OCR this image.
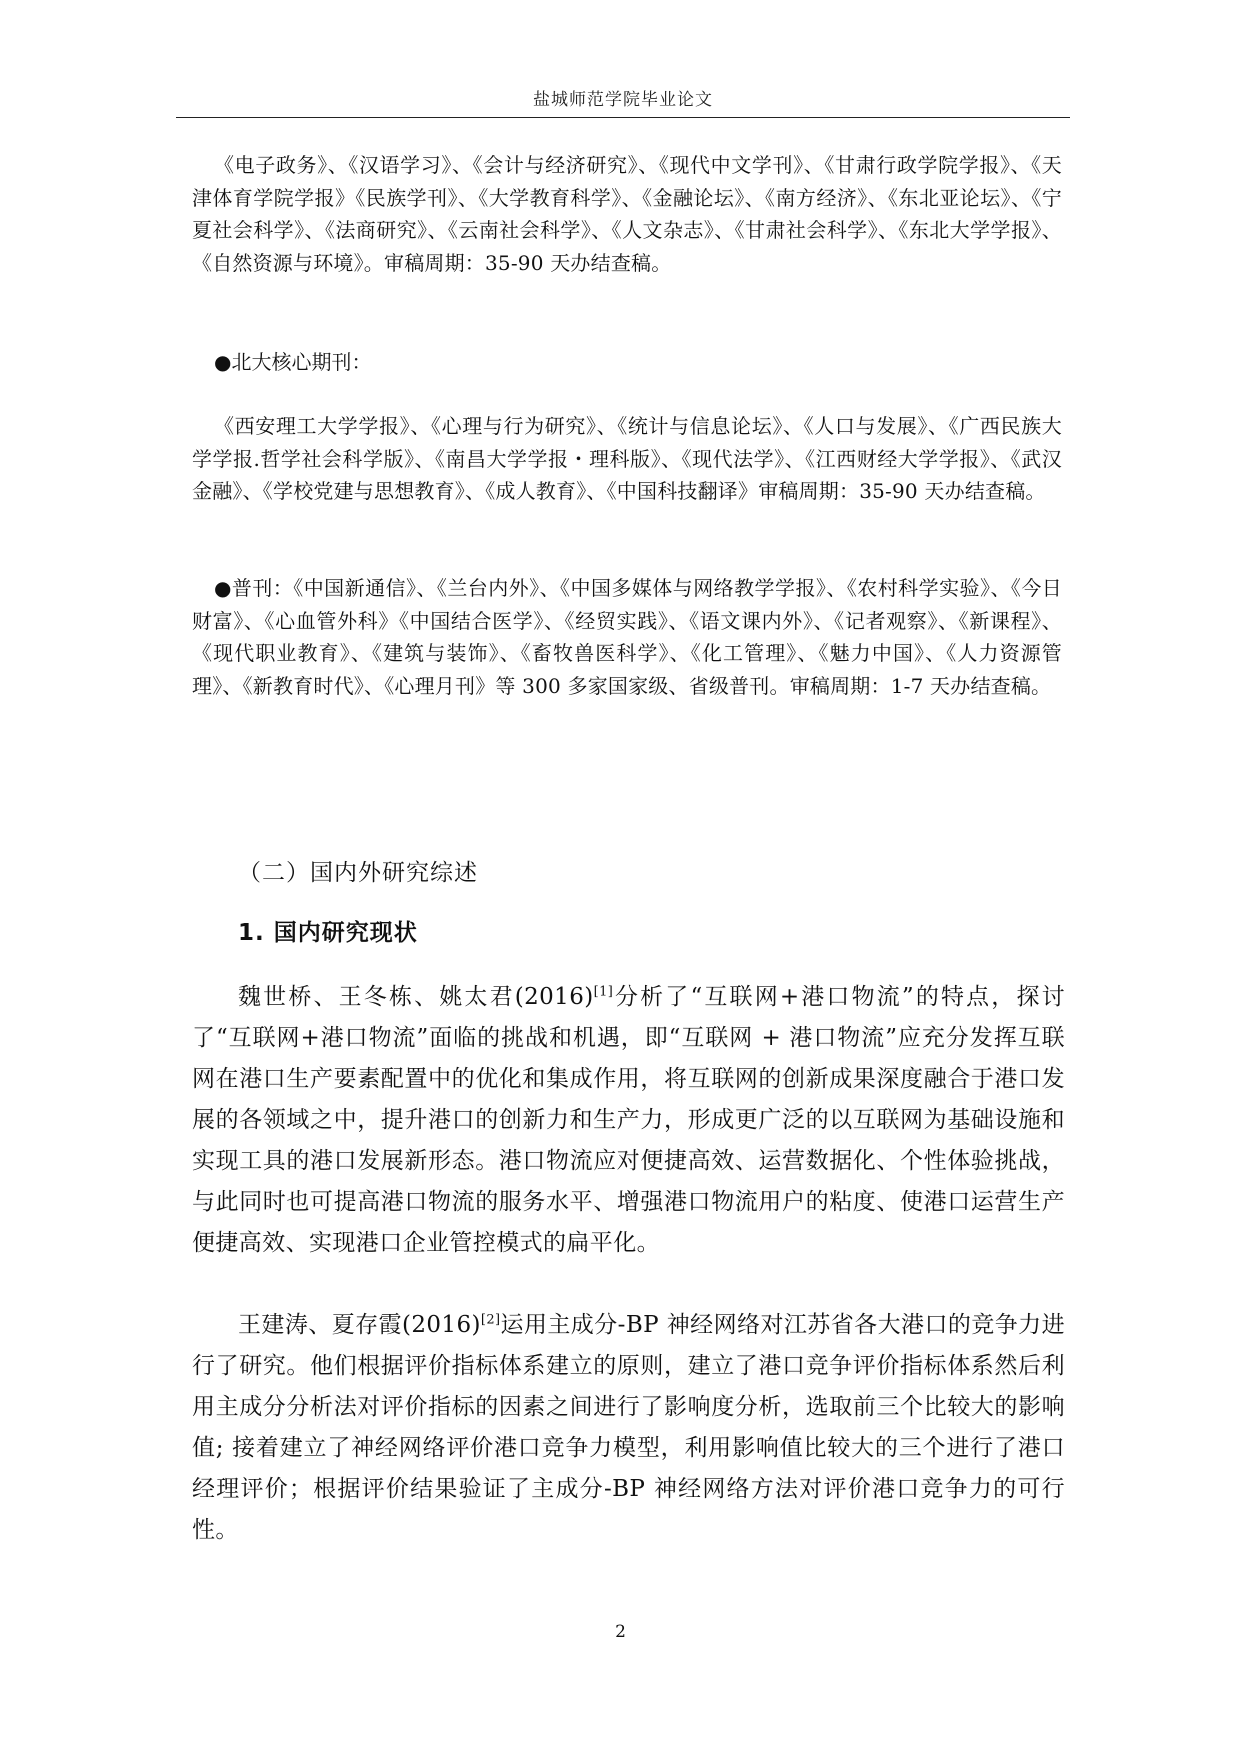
盐城师范学院毕业论文

《电子政务》、《汉语学习》、《会计与经济研究》、《现代中文学刊》、《甘肃行政学院学报》、《天津体育学院学报》《民族学刊》、《大学教育科学》、《金融论坛》、《南方经济》、《东北亚论坛》、《宁夏社会科学》、《法商研究》、《云南社会科学》、《人文杂志》、《甘肃社会科学》、《东北大学学报》、《自然资源与环境》。审稿周期：35-90 天办结查稿。

●北大核心期刊：

《西安理工大学学报》、《心理与行为研究》、《统计与信息论坛》、《人口与发展》、《广西民族大学学报.哲学社会科学版》、《南昌大学学报・理科版》、《现代法学》、《江西财经大学学报》、《武汉金融》、《学校党建与思想教育》、《成人教育》、《中国科技翻译》审稿周期：35-90 天办结查稿。

●普刊：《中国新通信》、《兰台内外》、《中国多媒体与网络教学学报》、《农村科学实验》、《今日财富》、《心血管外科》《中国结合医学》、《经贸实践》、《语文课内外》、《记者观察》、《新课程》、《现代职业教育》、《建筑与装饰》、《畜牧兽医科学》、《化工管理》、《魅力中国》、《人力资源管理》、《新教育时代》、《心理月刊》等 300 多家国家级、省级普刊。审稿周期：1-7 天办结查稿。

（二）国内外研究综述
1. 国内研究现状

魏世桥、王冬栋、姚太君(2016)[1]分析了“互联网+港口物流”的特点，探讨了“互联网+港口物流”面临的挑战和机遇，即“互联网 + 港口物流”应充分发挥互联网在港口生产要素配置中的优化和集成作用，将互联网的创新成果深度融合于港口发展的各领域之中，提升港口的创新力和生产力，形成更广泛的以互联网为基础设施和实现工具的港口发展新形态。港口物流应对便捷高效、运营数据化、个性体验挑战，与此同时也可提高港口物流的服务水平、增强港口物流用户的粘度、使港口运营生产便捷高效、实现港口企业管控模式的扁平化。

王建涛、夏存霞(2016)[2]运用主成分-BP 神经网络对江苏省各大港口的竞争力进行了研究。他们根据评价指标体系建立的原则，建立了港口竞争评价指标体系然后利用主成分分析法对评价指标的因素之间进行了影响度分析，选取前三个比较大的影响值; 接着建立了神经网络评价港口竞争力模型，利用影响值比较大的三个进行了港口经理评价；根据评价结果验证了主成分-BP 神经网络方法对评价港口竞争力的可行性。

2
